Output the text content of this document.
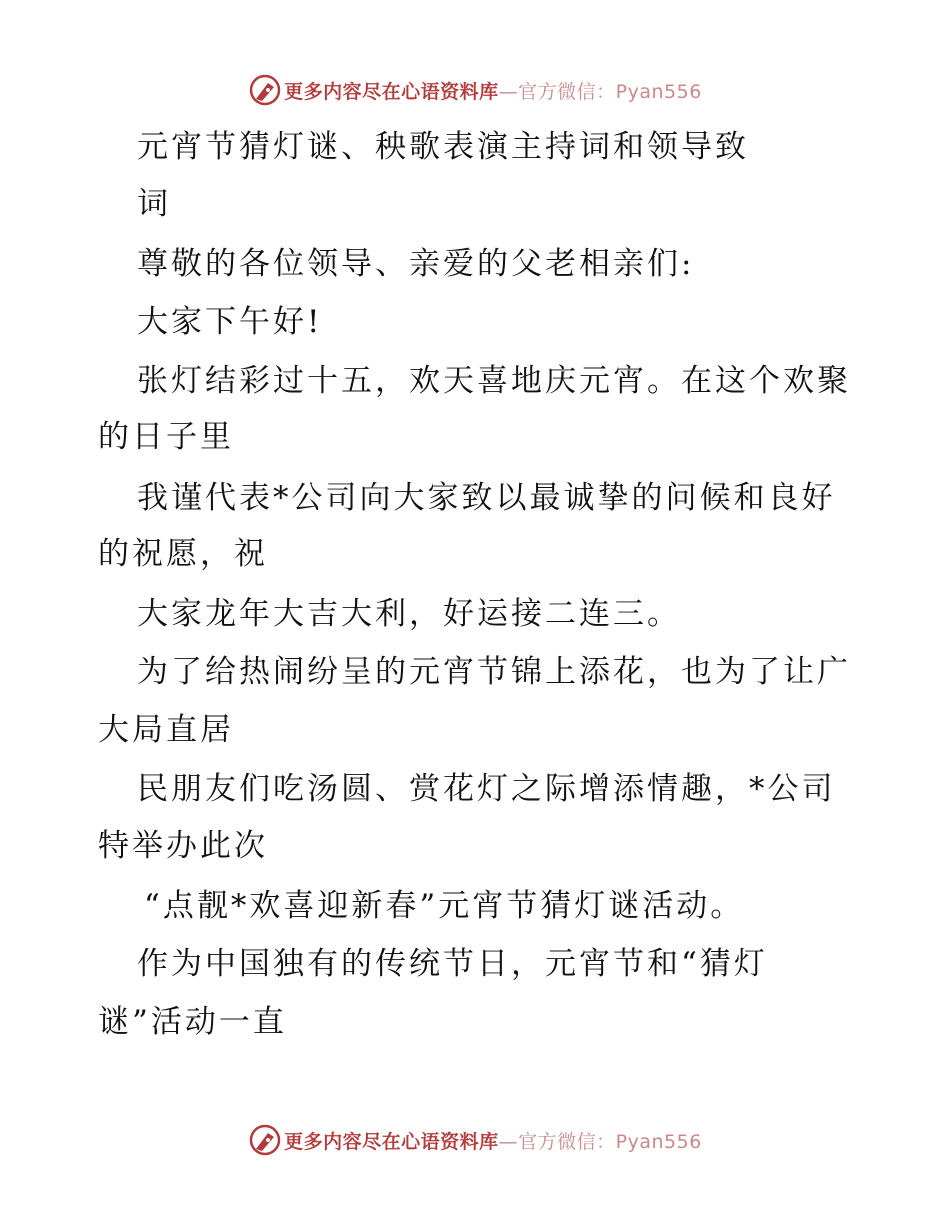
更多内容尽在心语资料库—官方微信：Pyan556
元宵节猜灯谜、秧歌表演主持词和领导致
词
尊敬的各位领导、亲爱的父老相亲们:
大家下午好!
张灯结彩过十五，欢天喜地庆元宵。在这个欢聚
的日子里
我谨代表*公司向大家致以最诚挚的问候和良好
的祝愿，祝
大家龙年大吉大利，好运接二连三。
为了给热闹纷呈的元宵节锦上添花，也为了让广
大局直居
民朋友们吃汤圆、赏花灯之际增添情趣，*公司
特举办此次
“点靓*欢喜迎新春”元宵节猜灯谜活动。
作为中国独有的传统节日，元宵节和“猜灯
谜”活动一直
更多内容尽在心语资料库—官方微信：Pyan556
